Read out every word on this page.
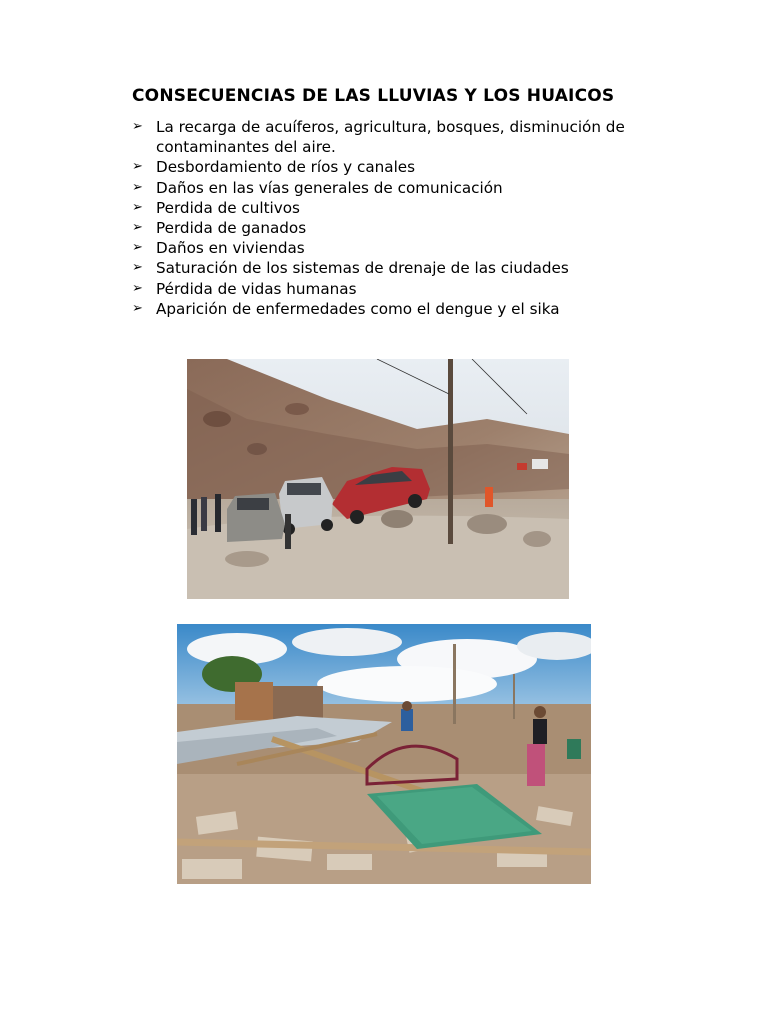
CONSECUENCIAS DE LAS LLUVIAS Y LOS HUAICOS
➢ La recarga de acuíferos, agricultura, bosques, disminución de contaminantes del aire.
➢ Desbordamiento de ríos y canales
➢ Daños en las vías generales de comunicación
➢ Perdida de cultivos
➢ Perdida de ganados
➢ Daños en viviendas
➢ Saturación de los sistemas de drenaje de las ciudades
➢ Pérdida de vidas humanas
➢ Aparición de enfermedades como el dengue y el sika
